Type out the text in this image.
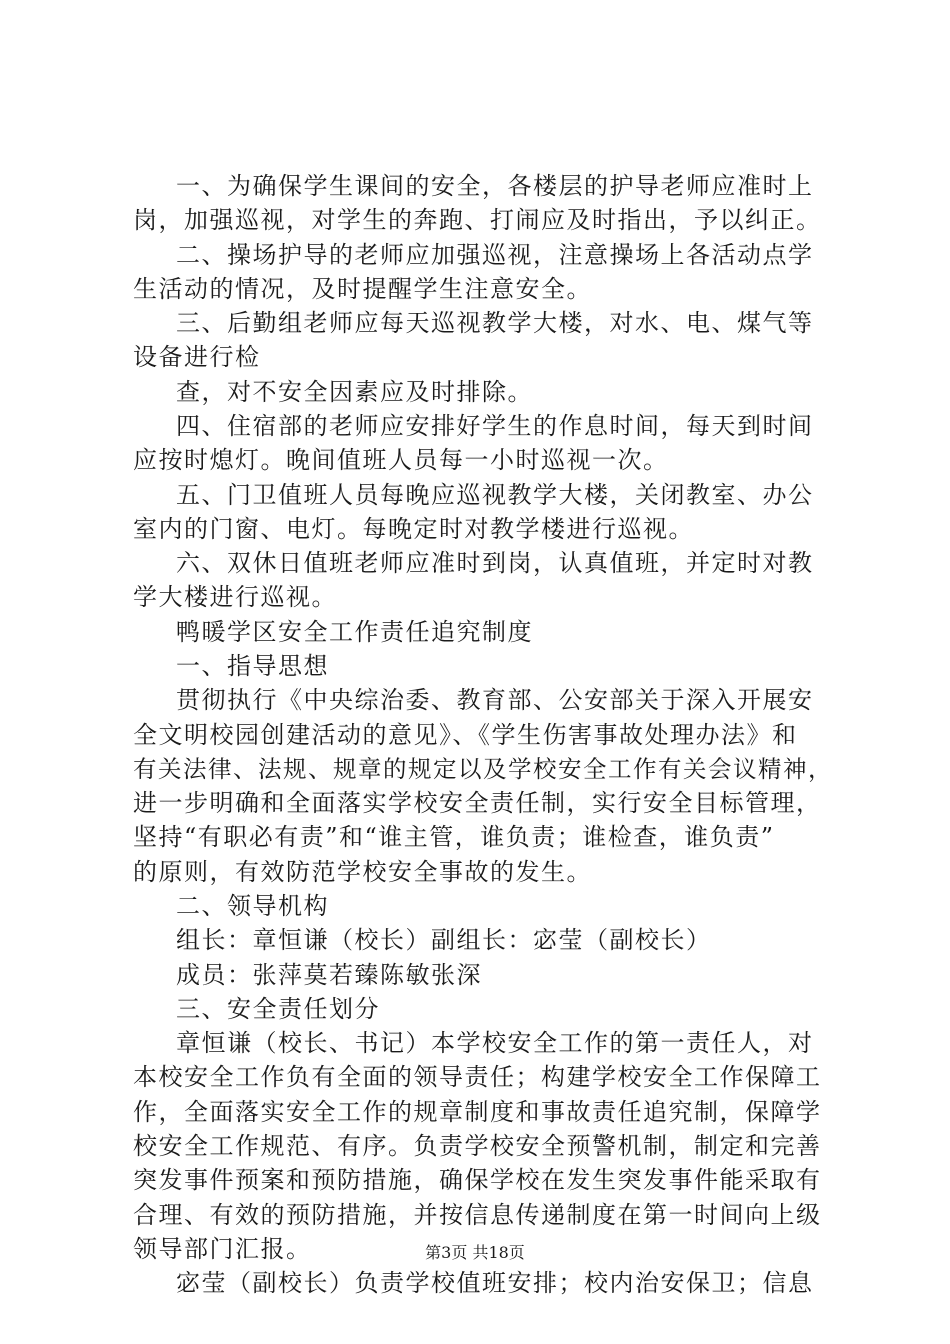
一、为确保学生课间的安全，各楼层的护导老师应准时上
岗，加强巡视，对学生的奔跑、打闹应及时指出，予以纠正。
二、操场护导的老师应加强巡视，注意操场上各活动点学
生活动的情况，及时提醒学生注意安全。
三、后勤组老师应每天巡视教学大楼，对水、电、煤气等
设备进行检
查，对不安全因素应及时排除。
四、住宿部的老师应安排好学生的作息时间，每天到时间
应按时熄灯。晚间值班人员每一小时巡视一次。
五、门卫值班人员每晚应巡视教学大楼，关闭教室、办公
室内的门窗、电灯。每晚定时对教学楼进行巡视。
六、双休日值班老师应准时到岗，认真值班，并定时对教
学大楼进行巡视。
鸭暖学区安全工作责任追究制度
一、指导思想
贯彻执行《中央综治委、教育部、公安部关于深入开展安
全文明校园创建活动的意见》、《学生伤害事故处理办法》和
有关法律、法规、规章的规定以及学校安全工作有关会议精神，
进一步明确和全面落实学校安全责任制，实行安全目标管理，
坚持“有职必有责”和“谁主管，谁负责；谁检查，谁负责”
的原则，有效防范学校安全事故的发生。
二、领导机构
组长：章恒谦（校长）副组长：宓莹（副校长）
成员：张萍莫若臻陈敏张深
三、安全责任划分
章恒谦（校长、书记）本学校安全工作的第一责任人，对
本校安全工作负有全面的领导责任；构建学校安全工作保障工
作，全面落实安全工作的规章制度和事故责任追究制，保障学
校安全工作规范、有序。负责学校安全预警机制，制定和完善
突发事件预案和预防措施，确保学校在发生突发事件能采取有
合理、有效的预防措施，并按信息传递制度在第一时间向上级
领导部门汇报。
宓莹（副校长）负责学校值班安排；校内治安保卫；信息
第3页 共18页
